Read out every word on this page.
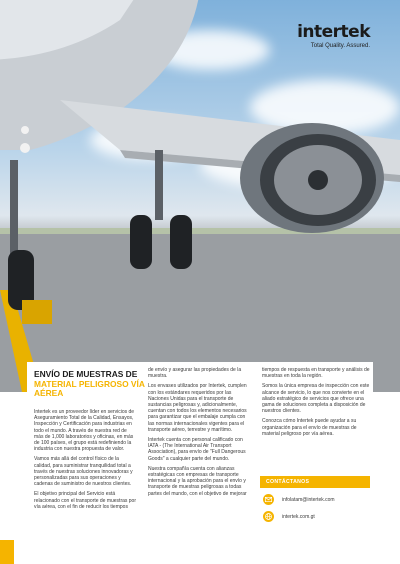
intertek
Total Quality. Assured.
ENVÍO DE MUESTRAS DE
MATERIAL PELIGROSO VÍA
AÉREA

Intertek es un proveedor líder en servicios de Aseguramiento Total de la Calidad, Ensayos, Inspección y Certificación para industrias en todo el mundo. A través de nuestra red de más de 1,000 laboratorios y oficinas, en más de 100 países, el grupo está redefiniendo la industria con nuestra propuesta de valor.

Vamos más allá del control físico de la calidad, para suministrar tranquilidad total a través de nuestras soluciones innovadoras y personalizadas para sus operaciones y cadenas de suministro de nuestros clientes.

El objetivo principal del Servicio está relacionado con el transporte de muestras por vía aérea, con el fin de reducir los tiempos

de envío y asegurar las propiedades de la muestra.

Los envases utilizados por Intertek, cumplen con los estándares requeridos por las Naciones Unidas para el transporte de sustancias peligrosas y, adicionalmente, cuentan con todos los elementos necesarios para garantizar que el embalaje cumpla con las normas internacionales vigentes para el transporte aéreo, terrestre y marítimo.

Intertek cuenta con personal calificado con IATA - (The International Air Transport Association), para envío de "Full Dangerous Goods" a cualquier parte del mundo.

Nuestra compañía cuenta con alianzas estratégicas con empresas de transporte internacional y la aprobación para el envío y transporte de muestras peligrosas a todas partes del mundo, con el objetivo de mejorar

tiempos de respuesta en transporte y análisis de muestras en toda la región.

Somos la única empresa de inspección con este alcance de servicio, lo que nos convierte en el aliado estratégico de servicios que ofrece una gama de soluciones completa a disposición de nuestros clientes.

Conozca cómo Intertek puede ayudar a su organización para el envío de muestras de material peligroso por vía aérea.

CONTÁCTANOS
infolatam@intertek.com
intertek.com.gt
